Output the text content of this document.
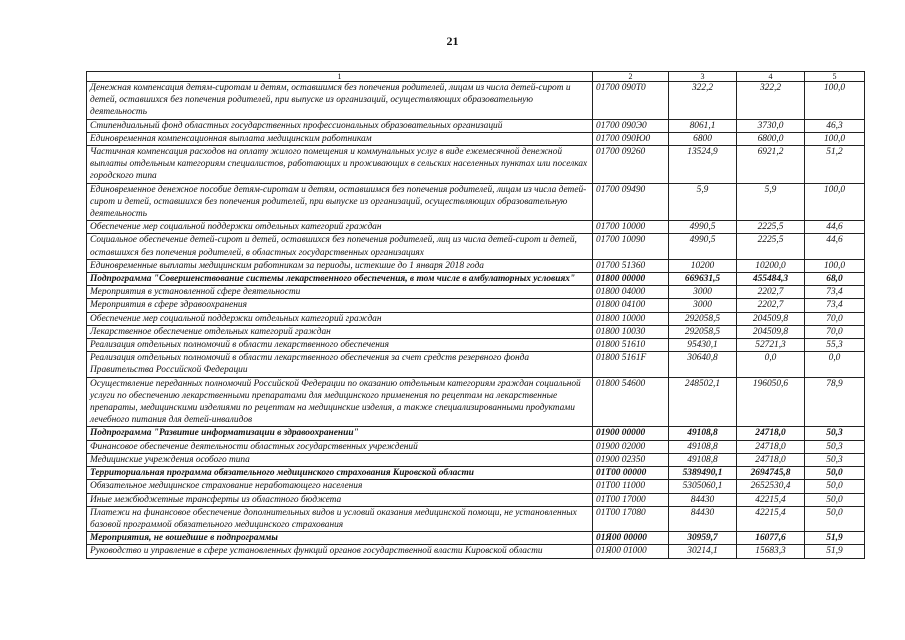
21
1	2	3	4	5
Денежная компенсация детям-сиротам и детям, оставшимся без попечения родителей, лицам из числа детей-сирот и детей, оставшихся без попечения родителей, при выпуске из организаций, осуществляющих образовательную деятельность	01700 090Т0	322,2	322,2	100,0
Стипендиальный фонд областных государственных профессиональных образовательных организаций	01700 090Э0	8061,1	3730,0	46,3
Единовременная компенсационная выплата медицинским работникам	01700 090Ю0	6800	6800,0	100,0
Частичная компенсация расходов на оплату жилого помещения и коммунальных услуг в виде ежемесячной денежной выплаты отдельным категориям специалистов, работающих и проживающих в сельских населенных пунктах или поселках городского типа	01700 09260	13524,9	6921,2	51,2
Единовременное денежное пособие детям-сиротам и детям, оставшимся без попечения родителей, лицам из числа детей-сирот и детей, оставшихся без попечения родителей, при выпуске из организаций, осуществляющих образовательную деятельность	01700 09490	5,9	5,9	100,0
Обеспечение мер социальной поддержки отдельных категорий граждан	01700 10000	4990,5	2225,5	44,6
Социальное обеспечение детей-сирот и детей, оставшихся без попечения родителей, лиц из числа детей-сирот и детей, оставшихся без попечения родителей, в областных государственных организациях	01700 10090	4990,5	2225,5	44,6
Единовременные выплаты медицинским работникам за периоды, истекшие до 1 января 2018 года	01700 51360	10200	10200,0	100,0
Подпрограмма "Совершенствование системы лекарственного обеспечения, в том числе в амбулаторных условиях"	01800 00000	669631,5	455484,3	68,0
Мероприятия в установленной сфере деятельности	01800 04000	3000	2202,7	73,4
Мероприятия в сфере здравоохранения	01800 04100	3000	2202,7	73,4
Обеспечение мер социальной поддержки отдельных категорий граждан	01800 10000	292058,5	204509,8	70,0
Лекарственное обеспечение отдельных категорий граждан	01800 10030	292058,5	204509,8	70,0
Реализация отдельных полномочий в области лекарственного обеспечения	01800 51610	95430,1	52721,3	55,3
Реализация отдельных полномочий в области лекарственного обеспечения за счет средств резервного фонда Правительства Российской Федерации	01800 5161F	30640,8	0,0	0,0
Осуществление переданных полномочий Российской Федерации по оказанию отдельным категориям граждан социальной услуги по обеспечению лекарственными препаратами для медицинского применения по рецептам на лекарственные препараты, медицинскими изделиями по рецептам на медицинские изделия, а также специализированными продуктами лечебного питания для детей-инвалидов	01800 54600	248502,1	196050,6	78,9
Подпрограмма "Развитие информатизации в здравоохранении"	01900 00000	49108,8	24718,0	50,3
Финансовое обеспечение деятельности областных государственных учреждений	01900 02000	49108,8	24718,0	50,3
Медицинские учреждения особого типа	01900 02350	49108,8	24718,0	50,3
Территориальная программа обязательного медицинского страхования Кировской области	01Т00 00000	5389490,1	2694745,8	50,0
Обязательное медицинское страхование неработающего населения	01Т00 11000	5305060,1	2652530,4	50,0
Иные межбюджетные трансферты из областного бюджета	01Т00 17000	84430	42215,4	50,0
Платежи на финансовое обеспечение дополнительных видов и условий оказания медицинской помощи, не установленных базовой программой обязательного медицинского страхования	01Т00 17080	84430	42215,4	50,0
Мероприятия, не вошедшие в подпрограммы	01Я00 00000	30959,7	16077,6	51,9
Руководство и управление в сфере установленных функций органов государственной власти Кировской области	01Я00 01000	30214,1	15683,3	51,9
